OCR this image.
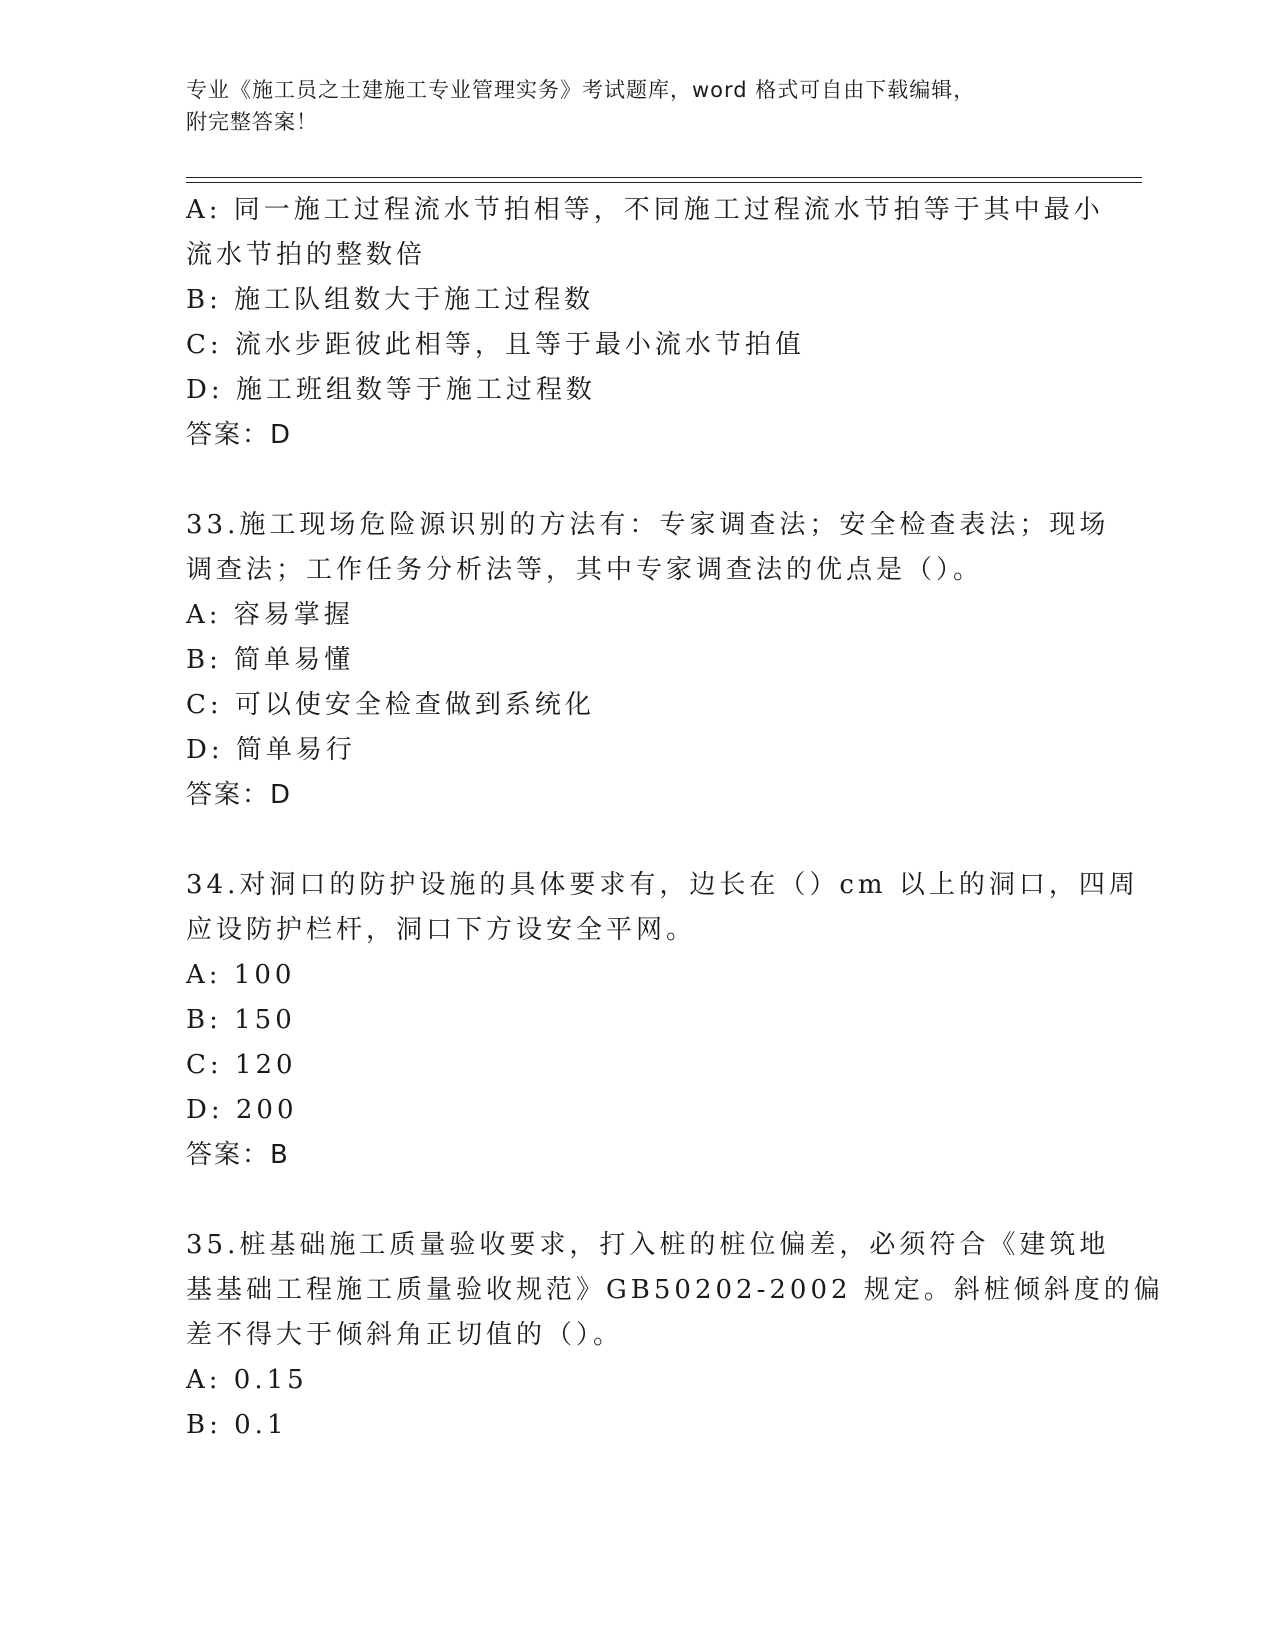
专业《施工员之土建施工专业管理实务》考试题库，word 格式可自由下载编辑，
附完整答案！
A: 同一施工过程流水节拍相等，不同施工过程流水节拍等于其中最小
流水节拍的整数倍
B: 施工队组数大于施工过程数
C: 流水步距彼此相等，且等于最小流水节拍值
D: 施工班组数等于施工过程数
答案：D
33.施工现场危险源识别的方法有：专家调查法；安全检查表法；现场
调查法；工作任务分析法等，其中专家调查法的优点是（）。
A: 容易掌握
B: 简单易懂
C: 可以使安全检查做到系统化
D: 简单易行
答案：D
34.对洞口的防护设施的具体要求有，边长在（）cm 以上的洞口，四周
应设防护栏杆，洞口下方设安全平网。
A: 100
B: 150
C: 120
D: 200
答案：B
35.桩基础施工质量验收要求，打入桩的桩位偏差，必须符合《建筑地
基基础工程施工质量验收规范》GB50202-2002 规定。斜桩倾斜度的偏
差不得大于倾斜角正切值的（）。
A: 0.15
B: 0.1
